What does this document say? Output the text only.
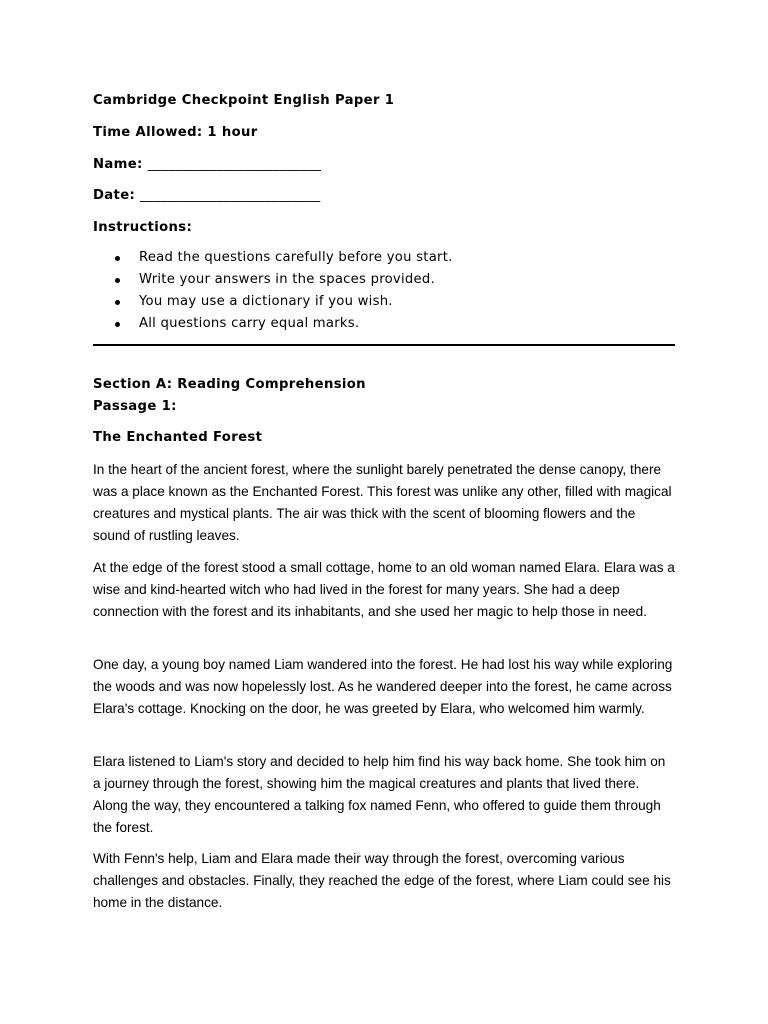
Cambridge Checkpoint English Paper 1
Time Allowed: 1 hour
Name: _________________________
Date: __________________________
Instructions:
Read the questions carefully before you start.
Write your answers in the spaces provided.
You may use a dictionary if you wish.
All questions carry equal marks.
Section A: Reading Comprehension
Passage 1:
The Enchanted Forest

In the heart of the ancient forest, where the sunlight barely penetrated the dense canopy, there was a place known as the Enchanted Forest. This forest was unlike any other, filled with magical creatures and mystical plants. The air was thick with the scent of blooming flowers and the sound of rustling leaves.

At the edge of the forest stood a small cottage, home to an old woman named Elara. Elara was a wise and kind-hearted witch who had lived in the forest for many years. She had a deep connection with the forest and its inhabitants, and she used her magic to help those in need.

One day, a young boy named Liam wandered into the forest. He had lost his way while exploring the woods and was now hopelessly lost. As he wandered deeper into the forest, he came across Elara's cottage. Knocking on the door, he was greeted by Elara, who welcomed him warmly.

Elara listened to Liam's story and decided to help him find his way back home. She took him on a journey through the forest, showing him the magical creatures and plants that lived there. Along the way, they encountered a talking fox named Fenn, who offered to guide them through the forest.

With Fenn's help, Liam and Elara made their way through the forest, overcoming various challenges and obstacles. Finally, they reached the edge of the forest, where Liam could see his home in the distance.
